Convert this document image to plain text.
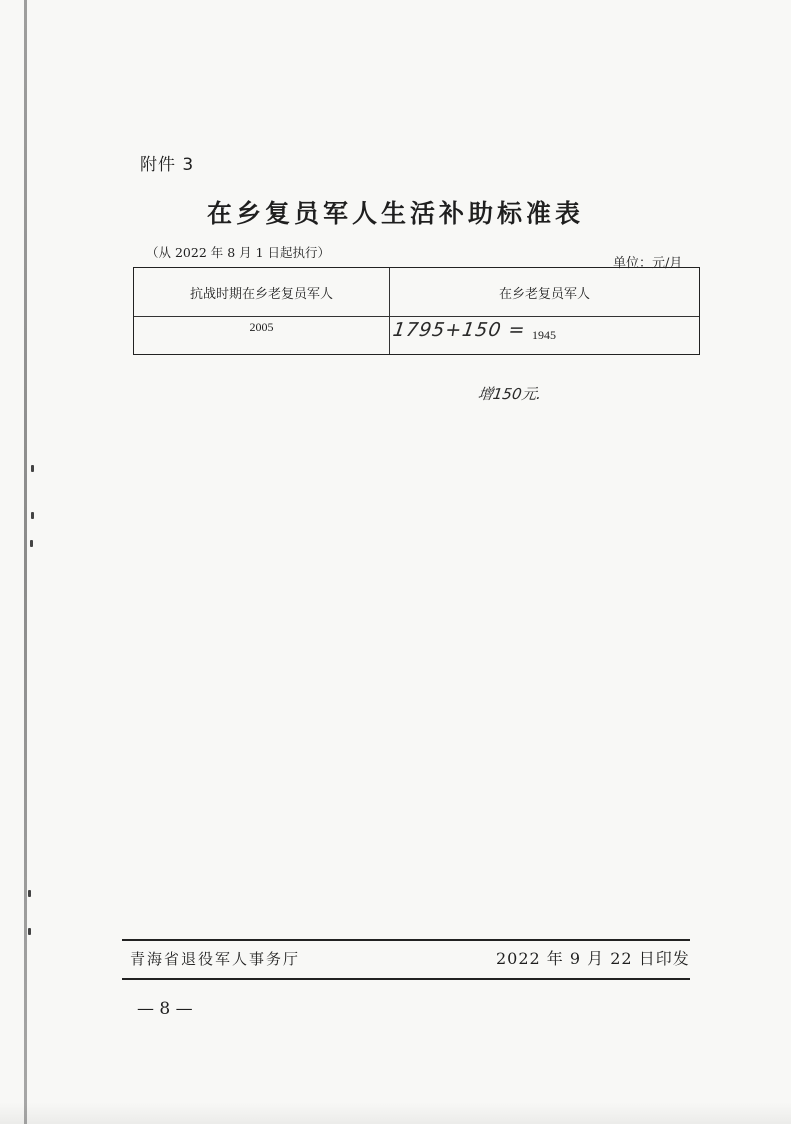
附件 3
在乡复员军人生活补助标准表
（从 2022 年 8 月 1 日起执行）
单位：元/月
抗战时期在乡老复员军人	在乡老复员军人
2005
1945
1795+150 =
增150元.
青海省退役军人事务厅	2022 年 9 月 22 日印发
— 8 —
